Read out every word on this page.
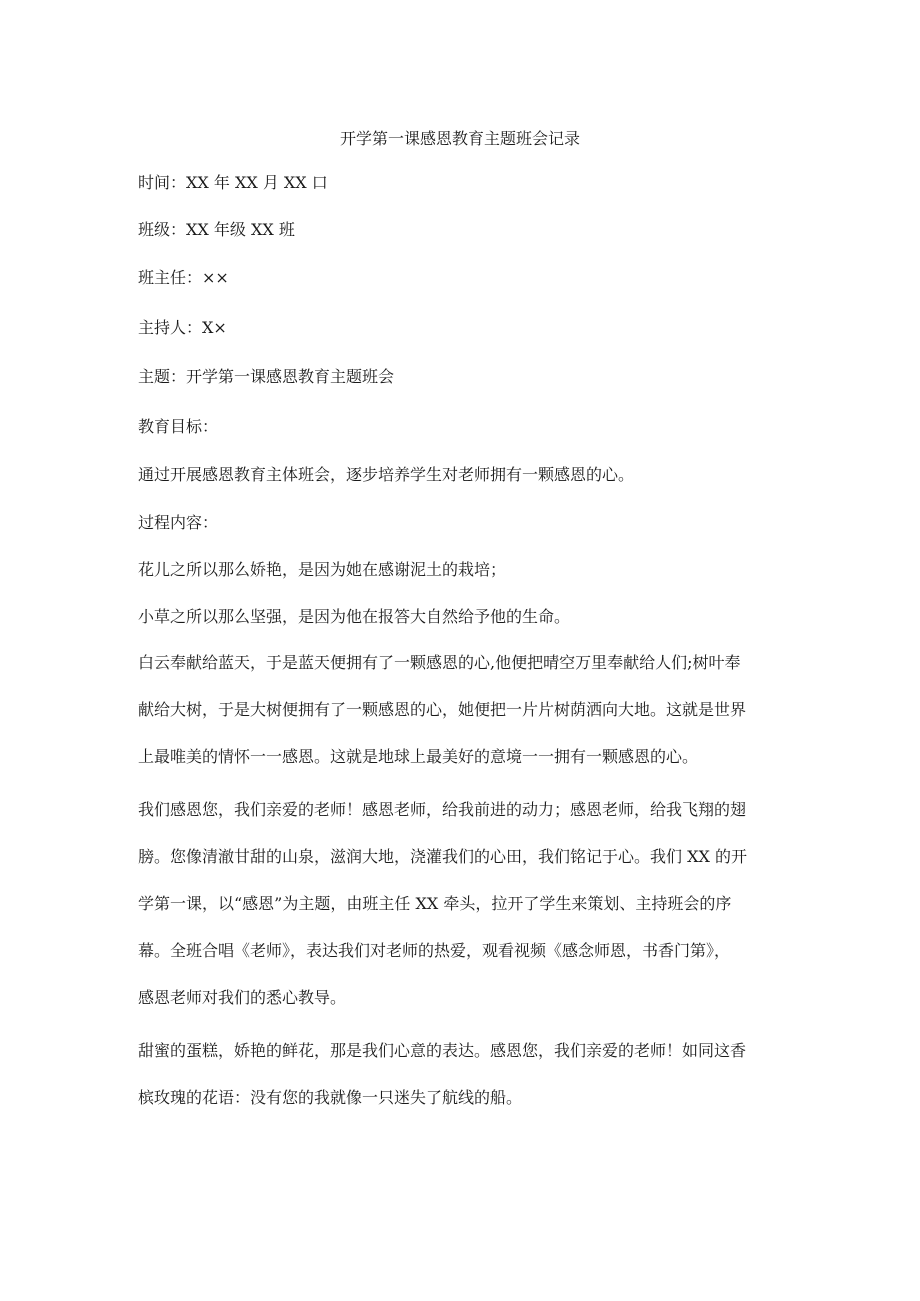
开学第一课感恩教育主题班会记录

时间：XX 年 XX 月 XX 口

班级：XX 年级 XX 班

班主任：××

主持人：X×

主题：开学第一课感恩教育主题班会

教育目标：

通过开展感恩教育主体班会，逐步培养学生对老师拥有一颗感恩的心。

过程内容：

花儿之所以那么娇艳，是因为她在感谢泥土的栽培；

小草之所以那么坚强，是因为他在报答大自然给予他的生命。

白云奉献给蓝天，于是蓝天便拥有了一颗感恩的心,他便把晴空万里奉献给人们;树叶奉
献给大树，于是大树便拥有了一颗感恩的心，她便把一片片树荫洒向大地。这就是世界
上最唯美的情怀一一感恩。这就是地球上最美好的意境一一拥有一颗感恩的心。
我们感恩您，我们亲爱的老师！感恩老师，给我前进的动力；感恩老师，给我飞翔的翅
膀。您像清澈甘甜的山泉，滋润大地，浇灌我们的心田，我们铭记于心。我们 XX 的开
学第一课，以“感恩”为主题，由班主任 XX 牵头，拉开了学生来策划、主持班会的序
幕。全班合唱《老师》，表达我们对老师的热爱，观看视频《感念师恩，书香门第》，
感恩老师对我们的悉心教导。
甜蜜的蛋糕，娇艳的鲜花，那是我们心意的表达。感恩您，我们亲爱的老师！如同这香
槟玫瑰的花语：没有您的我就像一只迷失了航线的船。
